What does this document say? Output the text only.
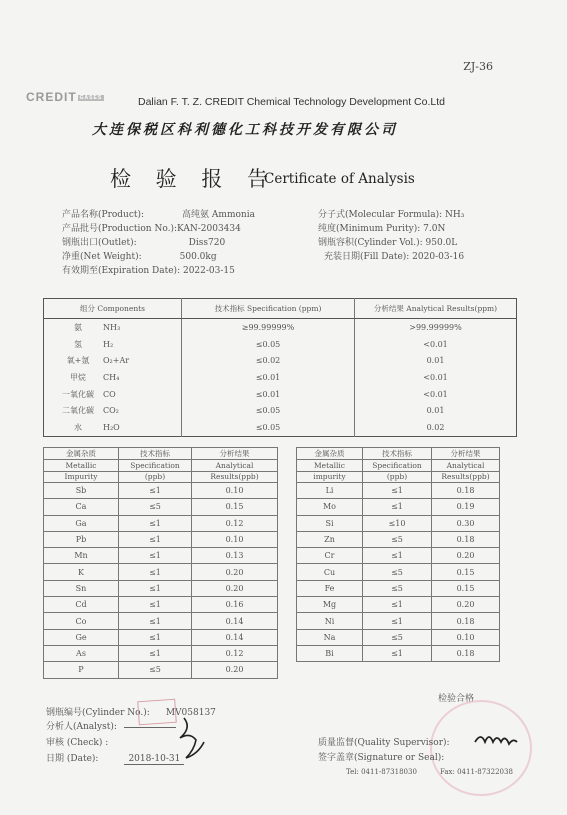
ZJ-36
CREDIT GASES	Dalian F. T. Z. CREDIT Chemical Technology Development Co.Ltd
大连保税区科利德化工科技开发有限公司
检 验 报 告
Certificate of Analysis
产品名称(Product):	高纯氨 Ammonia
产品批号(Production No.):KAN-2003434
钢瓶出口(Outlet):	Diss720
净重(Net Weight):	500.0kg
有效期至(Expiration Date): 2022-03-15
分子式(Molecular Formula): NH₃
纯度(Minimum Purity): 7.0N
钢瓶容积(Cylinder Vol.): 950.0L
充装日期(Fill Date): 2020-03-16
组分 Components	技术指标 Specification (ppm)	分析结果 Analytical Results(ppm)
氨 NH₃	≥99.99999%	>99.99999%
氢 H₂	≤0.05	<0.01
氧+氩 O₂+Ar	≤0.02	0.01
甲烷 CH₄	≤0.01	<0.01
一氧化碳 CO	≤0.01	<0.01
二氧化碳 CO₂	≤0.05	0.01
水 H₂O	≤0.05	0.02
金属杂质	技术指标	分析结果
Metallic	Specification	Analytical
Impurity	(ppb)	Results(ppb)
Sb	≤1	0.10
Ca	≤5	0.15
Ga	≤1	0.12
Pb	≤1	0.10
Mn	≤1	0.13
K	≤1	0.20
Sn	≤1	0.20
Cd	≤1	0.16
Co	≤1	0.14
Ge	≤1	0.14
As	≤1	0.12
P	≤5	0.20
金属杂质	技术指标	分析结果
Metallic	Specification	Analytical
impurity	(ppb)	Results(ppb)
Li	≤1	0.18
Mo	≤1	0.19
Si	≤10	0.30
Zn	≤5	0.18
Cr	≤1	0.20
Cu	≤5	0.15
Fe	≤5	0.15
Mg	≤1	0.20
Ni	≤1	0.18
Na	≤5	0.10
Bi	≤1	0.18
检验合格
钢瓶编号(Cylinder No.): MV058137
分析人(Analyst):
审核 (Check) :
日期 (Date):	2018-10-31
质量监督(Quality Supervisor):
签字盖章(Signature or Seal):
Tel: 0411-87318030	Fax: 0411-87322038
